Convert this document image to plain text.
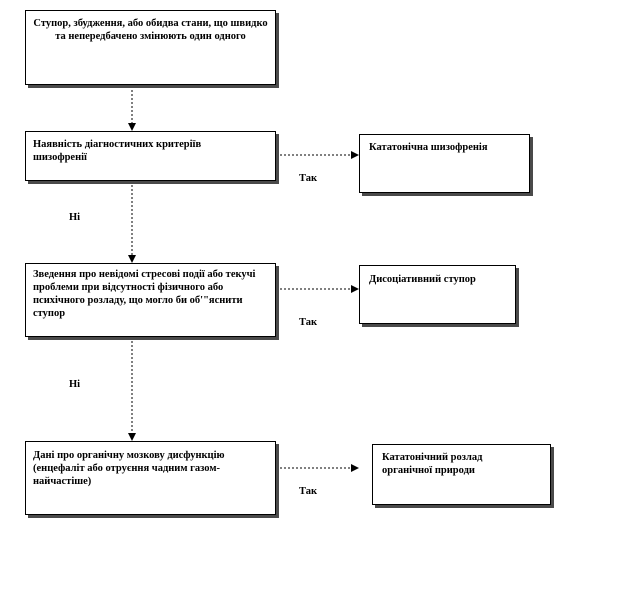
Ступор, збудження, або обидва стани, що швидко та непередбачено змінюють один одного
Наявність діагностичних критеріїв шизофренії
Кататонічна шизофренія
Зведення про невідомі стресові події або текучі проблеми при відсутності фізичного або психічного розладу, що могло би об'"яснити ступор
Дисоціативний ступор
Дані про органічну мозкову дисфункцію (енцефаліт або отруєння чадним газом-найчастіше)
Кататонічний розлад органічної природи
Так
Ні
Так
Ні
Так
